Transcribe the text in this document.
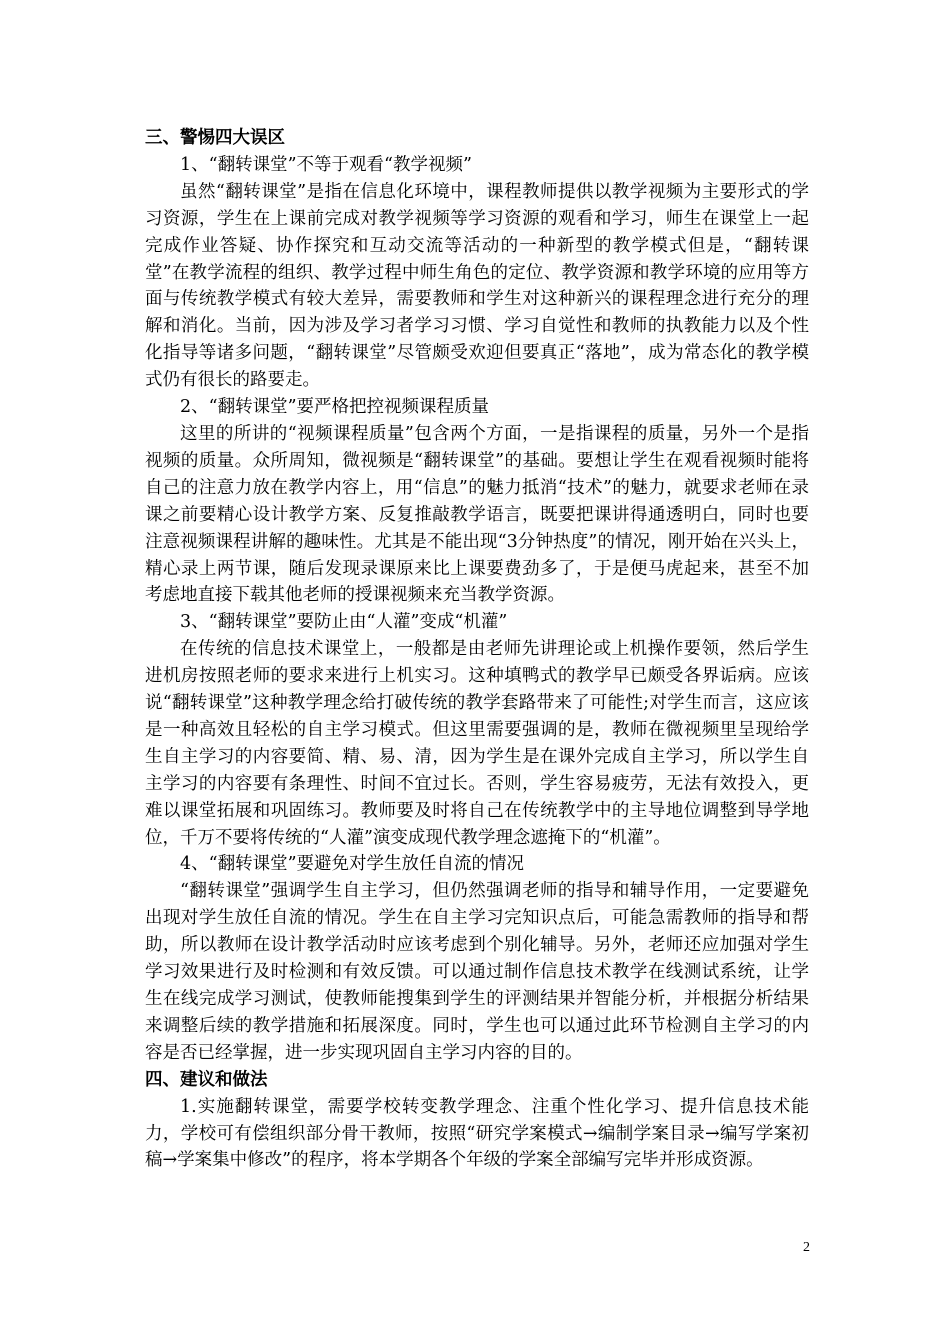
三、警惕四大误区

1、“翻转课堂”不等于观看“教学视频”

虽然“翻转课堂”是指在信息化环境中，课程教师提供以教学视频为主要形式的学习资源，学生在上课前完成对教学视频等学习资源的观看和学习，师生在课堂上一起完成作业答疑、协作探究和互动交流等活动的一种新型的教学模式但是，“翻转课堂”在教学流程的组织、教学过程中师生角色的定位、教学资源和教学环境的应用等方面与传统教学模式有较大差异，需要教师和学生对这种新兴的课程理念进行充分的理解和消化。当前，因为涉及学习者学习习惯、学习自觉性和教师的执教能力以及个性化指导等诸多问题，“翻转课堂”尽管颇受欢迎但要真正“落地”，成为常态化的教学模式仍有很长的路要走。

2、“翻转课堂”要严格把控视频课程质量

这里的所讲的“视频课程质量”包含两个方面，一是指课程的质量，另外一个是指视频的质量。众所周知，微视频是“翻转课堂”的基础。要想让学生在观看视频时能将自己的注意力放在教学内容上，用“信息”的魅力抵消“技术”的魅力，就要求老师在录课之前要精心设计教学方案、反复推敲教学语言，既要把课讲得通透明白，同时也要注意视频课程讲解的趣味性。尤其是不能出现“3分钟热度”的情况，刚开始在兴头上，精心录上两节课，随后发现录课原来比上课要费劲多了，于是便马虎起来，甚至不加考虑地直接下载其他老师的授课视频来充当教学资源。

3、“翻转课堂”要防止由“人灌”变成“机灌”

在传统的信息技术课堂上，一般都是由老师先讲理论或上机操作要领，然后学生进机房按照老师的要求来进行上机实习。这种填鸭式的教学早已颇受各界诟病。应该说“翻转课堂”这种教学理念给打破传统的教学套路带来了可能性;对学生而言，这应该是一种高效且轻松的自主学习模式。但这里需要强调的是，教师在微视频里呈现给学生自主学习的内容要简、精、易、清，因为学生是在课外完成自主学习，所以学生自主学习的内容要有条理性、时间不宜过长。否则，学生容易疲劳，无法有效投入，更难以课堂拓展和巩固练习。教师要及时将自己在传统教学中的主导地位调整到导学地位，千万不要将传统的“人灌”演变成现代教学理念遮掩下的“机灌”。

4、“翻转课堂”要避免对学生放任自流的情况

“翻转课堂”强调学生自主学习，但仍然强调老师的指导和辅导作用，一定要避免出现对学生放任自流的情况。学生在自主学习完知识点后，可能急需教师的指导和帮助，所以教师在设计教学活动时应该考虑到个别化辅导。另外，老师还应加强对学生学习效果进行及时检测和有效反馈。可以通过制作信息技术教学在线测试系统，让学生在线完成学习测试，使教师能搜集到学生的评测结果并智能分析，并根据分析结果来调整后续的教学措施和拓展深度。同时，学生也可以通过此环节检测自主学习的内容是否已经掌握，进一步实现巩固自主学习内容的目的。

四、建议和做法

1.实施翻转课堂，需要学校转变教学理念、注重个性化学习、提升信息技术能力，学校可有偿组织部分骨干教师，按照“研究学案模式→编制学案目录→编写学案初稿→学案集中修改”的程序，将本学期各个年级的学案全部编写完毕并形成资源。

2
